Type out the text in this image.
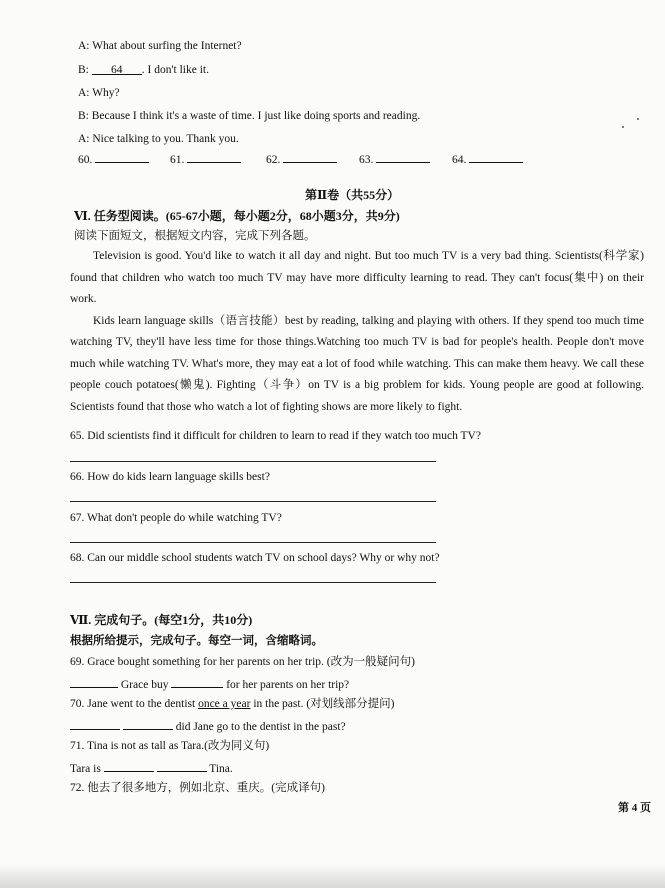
A: What about surfing the Internet?
B: 64 . I don't like it.
A: Why?
B: Because I think it's a waste of time. I just like doing sports and reading.
A: Nice talking to you. Thank you.
60.	61.	62.	63.	64.
第Ⅱ卷（共55分）
Ⅵ. 任务型阅读。(65-67小题，每小题2分，68小题3分，共9分)
阅读下面短文，根据短文内容，完成下列各题。

Television is good. You'd like to watch it all day and night. But too much TV is a very bad thing. Scientists(科学家) found that children who watch too much TV may have more difficulty learning to read. They can't focus(集中) on their work.

Kids learn language skills（语言技能）best by reading, talking and playing with others. If they spend too much time watching TV, they'll have less time for those things.Watching too much TV is bad for people's health. People don't move much while watching TV. What's more, they may eat a lot of food while watching. This can make them heavy. We call these people couch potatoes(懒鬼). Fighting（斗争）on TV is a big problem for kids. Young people are good at following. Scientists found that those who watch a lot of fighting shows are more likely to fight.

65. Did scientists find it difficult for children to learn to read if they watch too much TV?
66. How do kids learn language skills best?
67. What don't people do while watching TV?
68. Can our middle school students watch TV on school days? Why or why not?
Ⅶ. 完成句子。(每空1分，共10分)
根据所给提示，完成句子。每空一词，含缩略词。
69. Grace bought something for her parents on her trip. (改为一般疑问句)
Grace buy	for her parents on her trip?
70. Jane went to the dentist once a year in the past. (对划线部分提问)
did Jane go to the dentist in the past?
71. Tina is not as tall as Tara.(改为同义句)
Tara is	Tina.
72. 他去了很多地方，例如北京、重庆。(完成译句)
第 4 页
